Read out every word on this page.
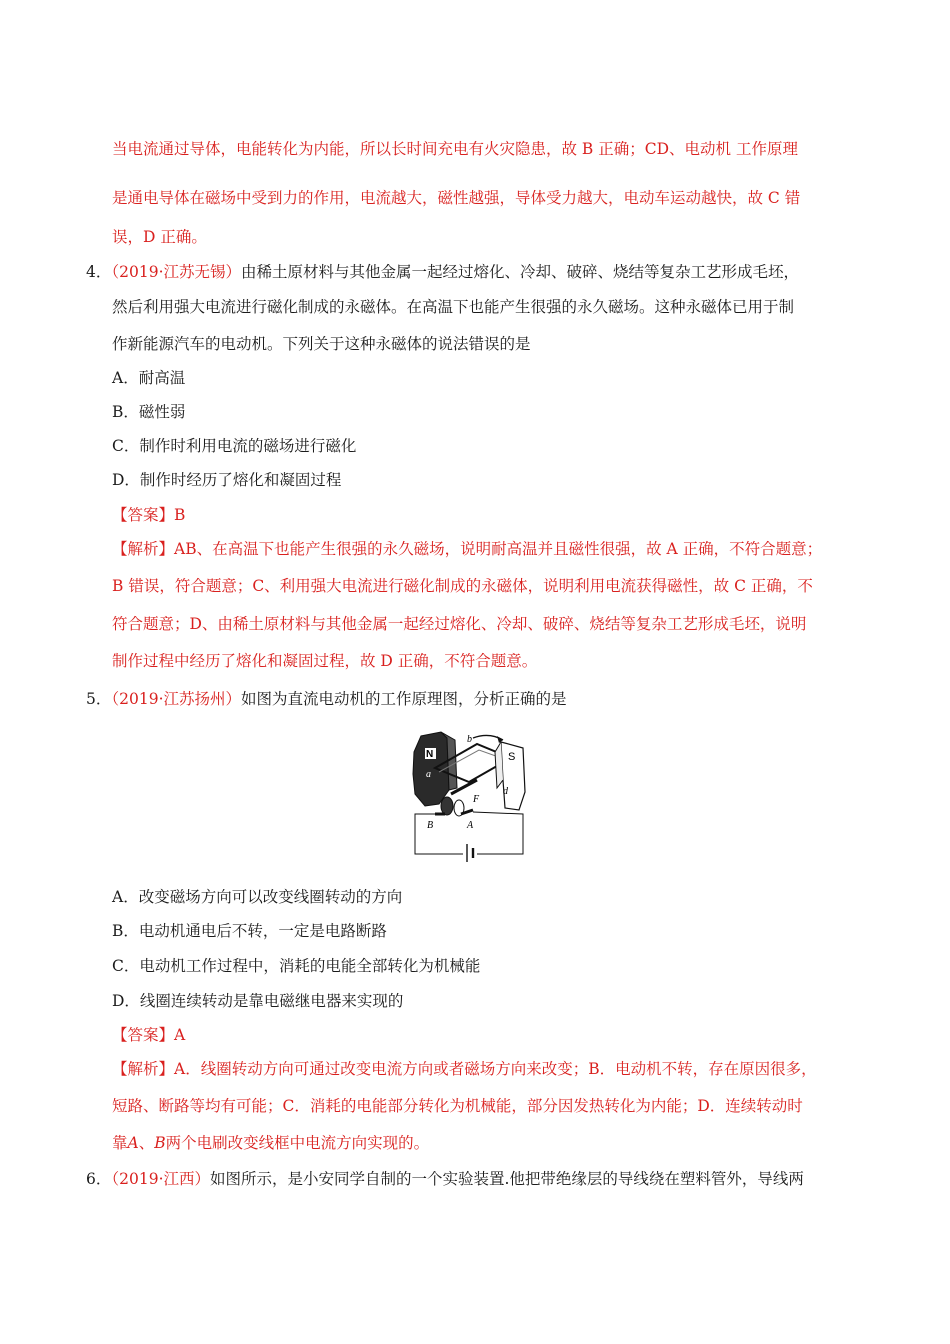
当电流通过导体，电能转化为内能，所以长时间充电有火灾隐患，故 B 正确；CD、电动机 工作原理
是通电导体在磁场中受到力的作用，电流越大，磁性越强，导体受力越大，电动车运动越快，故 C 错
误，D 正确。
4．（2019·江苏无锡）由稀土原材料与其他金属一起经过熔化、冷却、破碎、烧结等复杂工艺形成毛坯，
然后利用强大电流进行磁化制成的永磁体。在高温下也能产生很强的永久磁场。这种永磁体已用于制
作新能源汽车的电动机。下列关于这种永磁体的说法错误的是
A．耐高温
B．磁性弱
C．制作时利用电流的磁场进行磁化
D．制作时经历了熔化和凝固过程
【答案】B
【解析】AB、在高温下也能产生很强的永久磁场，说明耐高温并且磁性很强，故 A 正确，不符合题意；
B 错误，符合题意；C、利用强大电流进行磁化制成的永磁体，说明利用电流获得磁性，故 C 正确，不
符合题意；D、由稀土原材料与其他金属一起经过熔化、冷却、破碎、烧结等复杂工艺形成毛坯，说明
制作过程中经历了熔化和凝固过程，故 D 正确，不符合题意。
5．（2019·江苏扬州）如图为直流电动机的工作原理图，分析正确的是
N
a
b
S
d
F
B	A
A．改变磁场方向可以改变线圈转动的方向
B．电动机通电后不转，一定是电路断路
C．电动机工作过程中，消耗的电能全部转化为机械能
D．线圈连续转动是靠电磁继电器来实现的
【答案】A
【解析】A．线圈转动方向可通过改变电流方向或者磁场方向来改变；B．电动机不转，存在原因很多，
短路、断路等均有可能；C．消耗的电能部分转化为机械能，部分因发热转化为内能；D．连续转动时
靠A、B两个电刷改变线框中电流方向实现的。
6．（2019·江西）如图所示，是小安同学自制的一个实验装置.他把带绝缘层的导线绕在塑料管外，导线两
